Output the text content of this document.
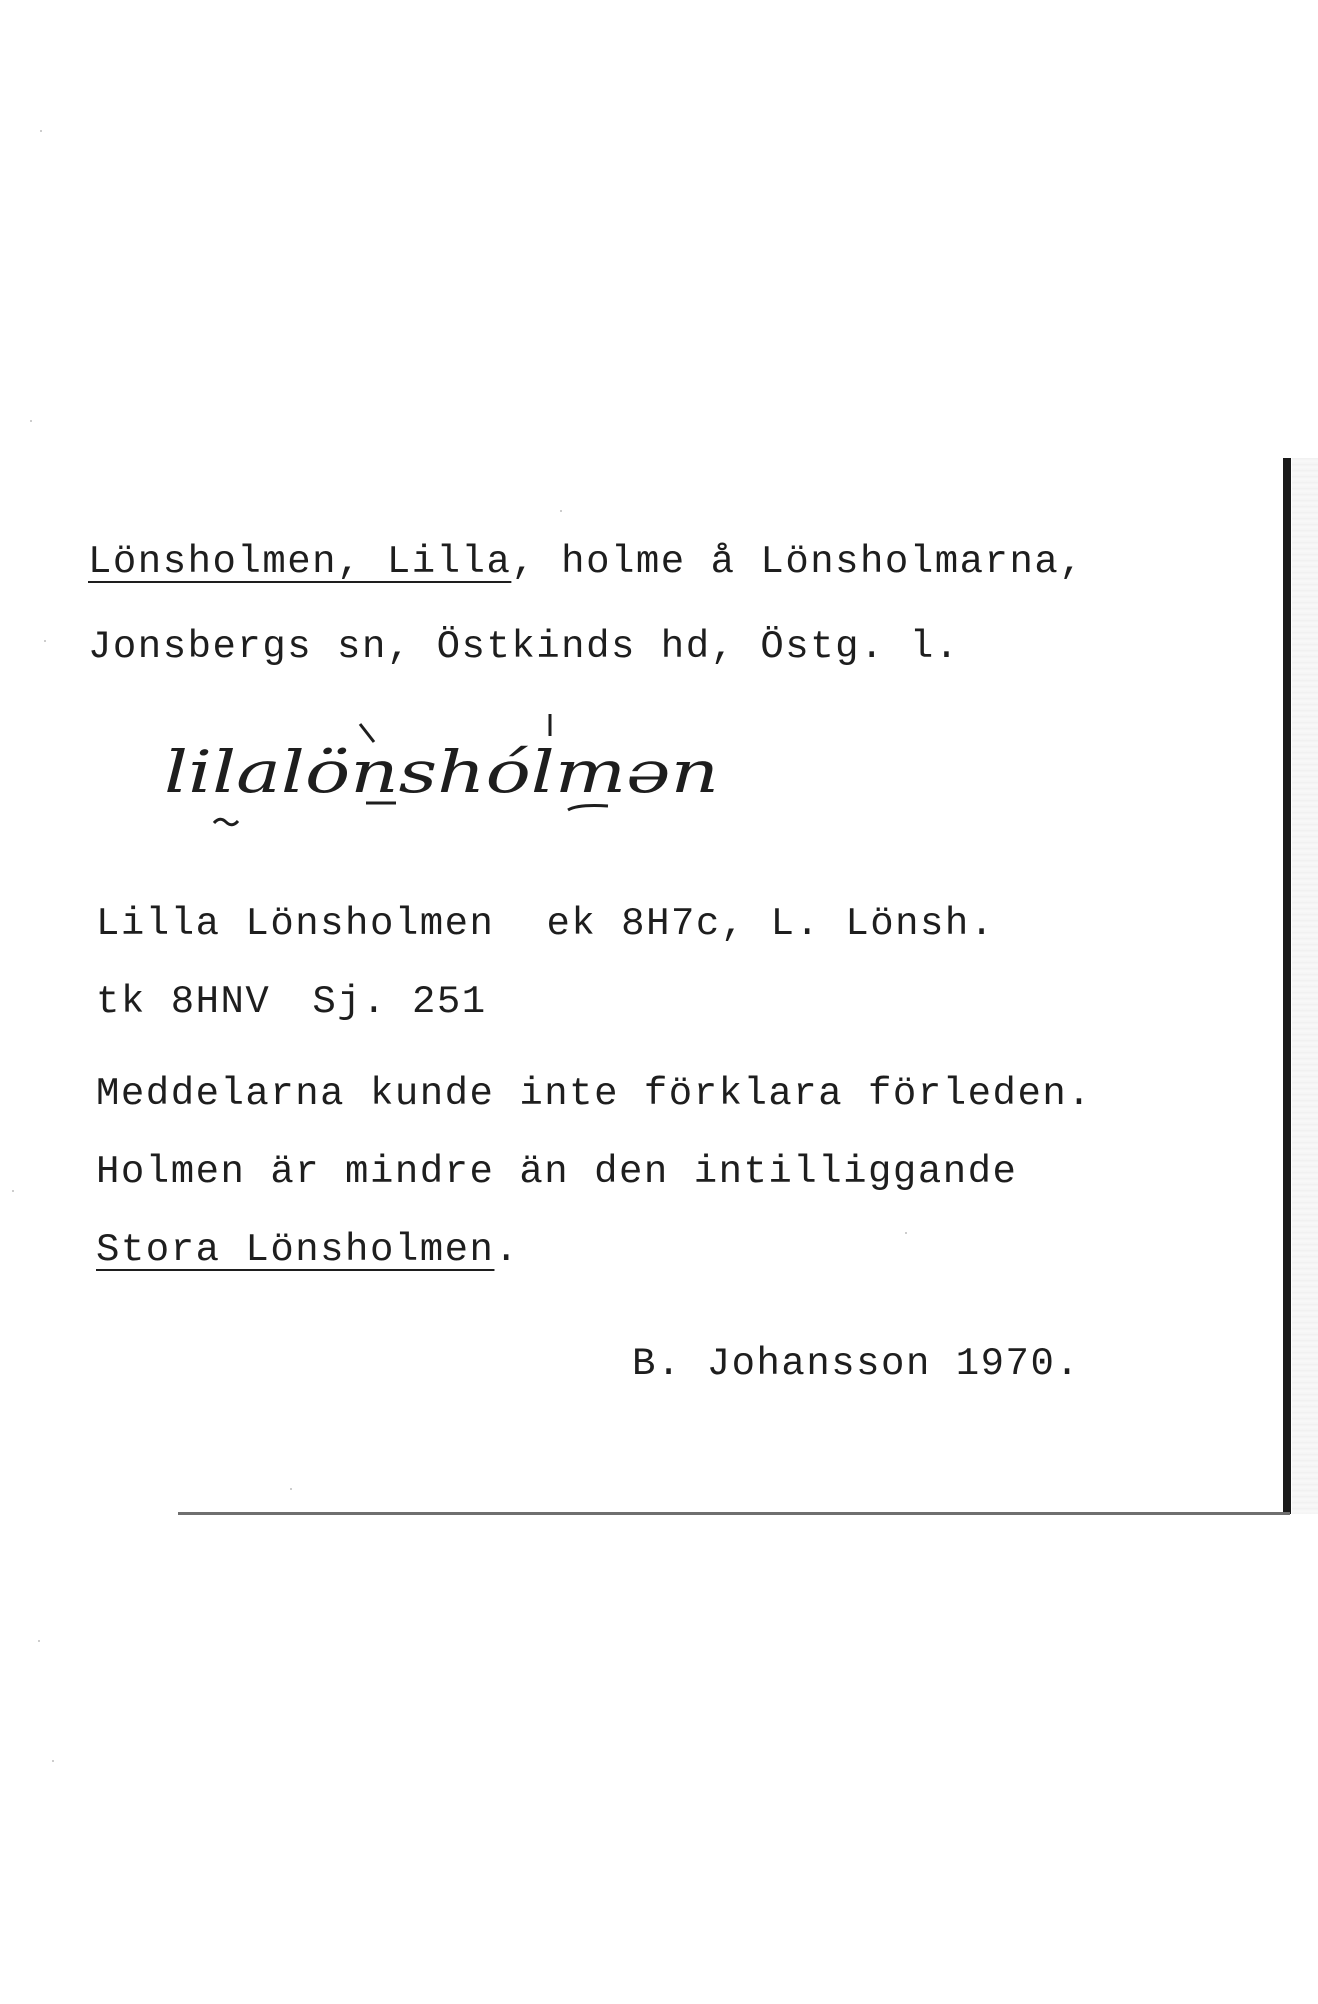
Lönsholmen, Lilla, holme å Lönsholmarna,
Jonsbergs sn, Östkinds hd, Östg. l.
lilalönshólmən
Lilla Lönsholmen ek 8H7c, L. Lönsh.
tk 8HNV Sj. 251
Meddelarna kunde inte förklara förleden.
Holmen är mindre än den intilliggande
Stora Lönsholmen.
B. Johansson 1970.
